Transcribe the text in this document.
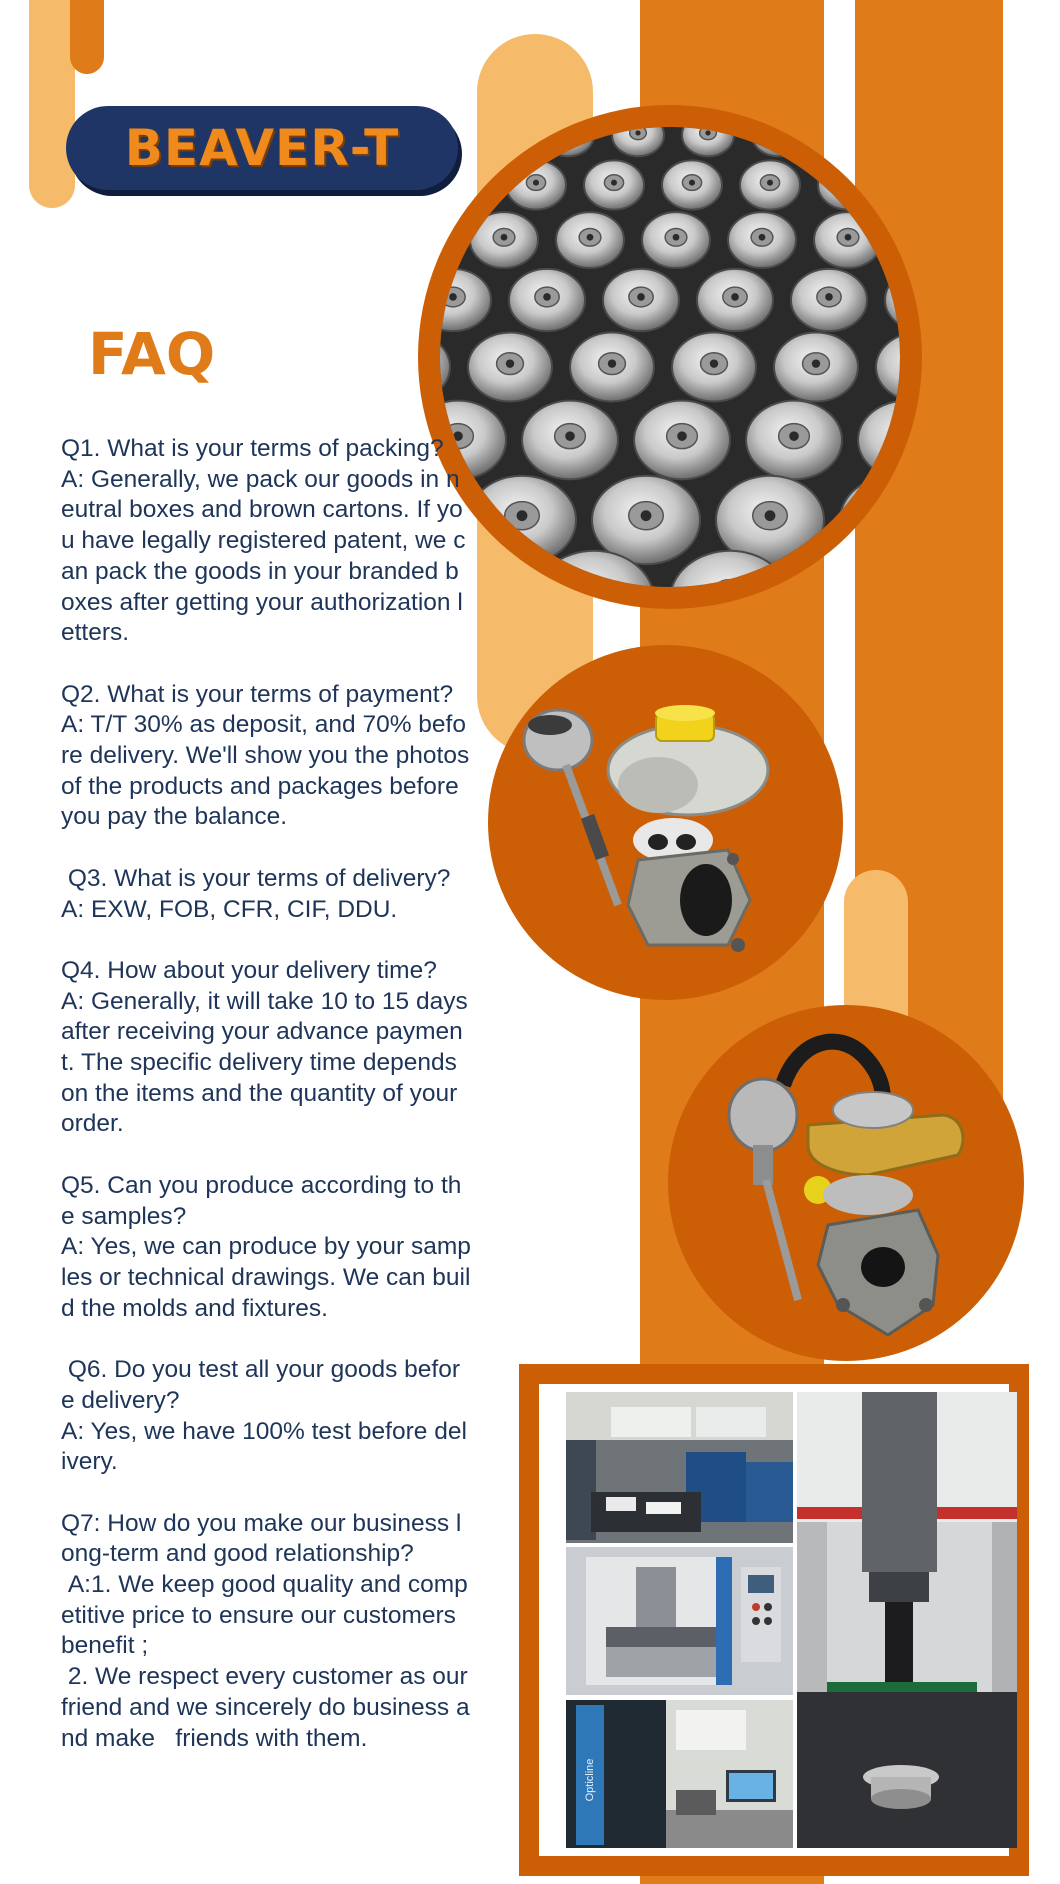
BEAVER-T
FAQ
Opticline
Q1. What is your terms of packing?
A: Generally, we pack our goods in neutral boxes and brown cartons. If you have legally registered patent, we can pack the goods in your branded boxes after getting your authorization letters.

Q2. What is your terms of payment?
A: T/T 30% as deposit, and 70% before delivery. We'll show you the photos of the products and packages before you pay the balance.

Q3. What is your terms of delivery?
A: EXW, FOB, CFR, CIF, DDU.

Q4. How about your delivery time?
A: Generally, it will take 10 to 15 days after receiving your advance payment. The specific delivery time depends on the items and the quantity of your order.

Q5. Can you produce according to the samples?
A: Yes, we can produce by your samples or technical drawings. We can build the molds and fixtures.

Q6. Do you test all your goods before delivery?
A: Yes, we have 100% test before delivery.

Q7: How do you make our business long-term and good relationship?
A:1. We keep good quality and competitive price to ensure our customers benefit ;
2. We respect every customer as our friend and we sincerely do business and make   friends with them.
